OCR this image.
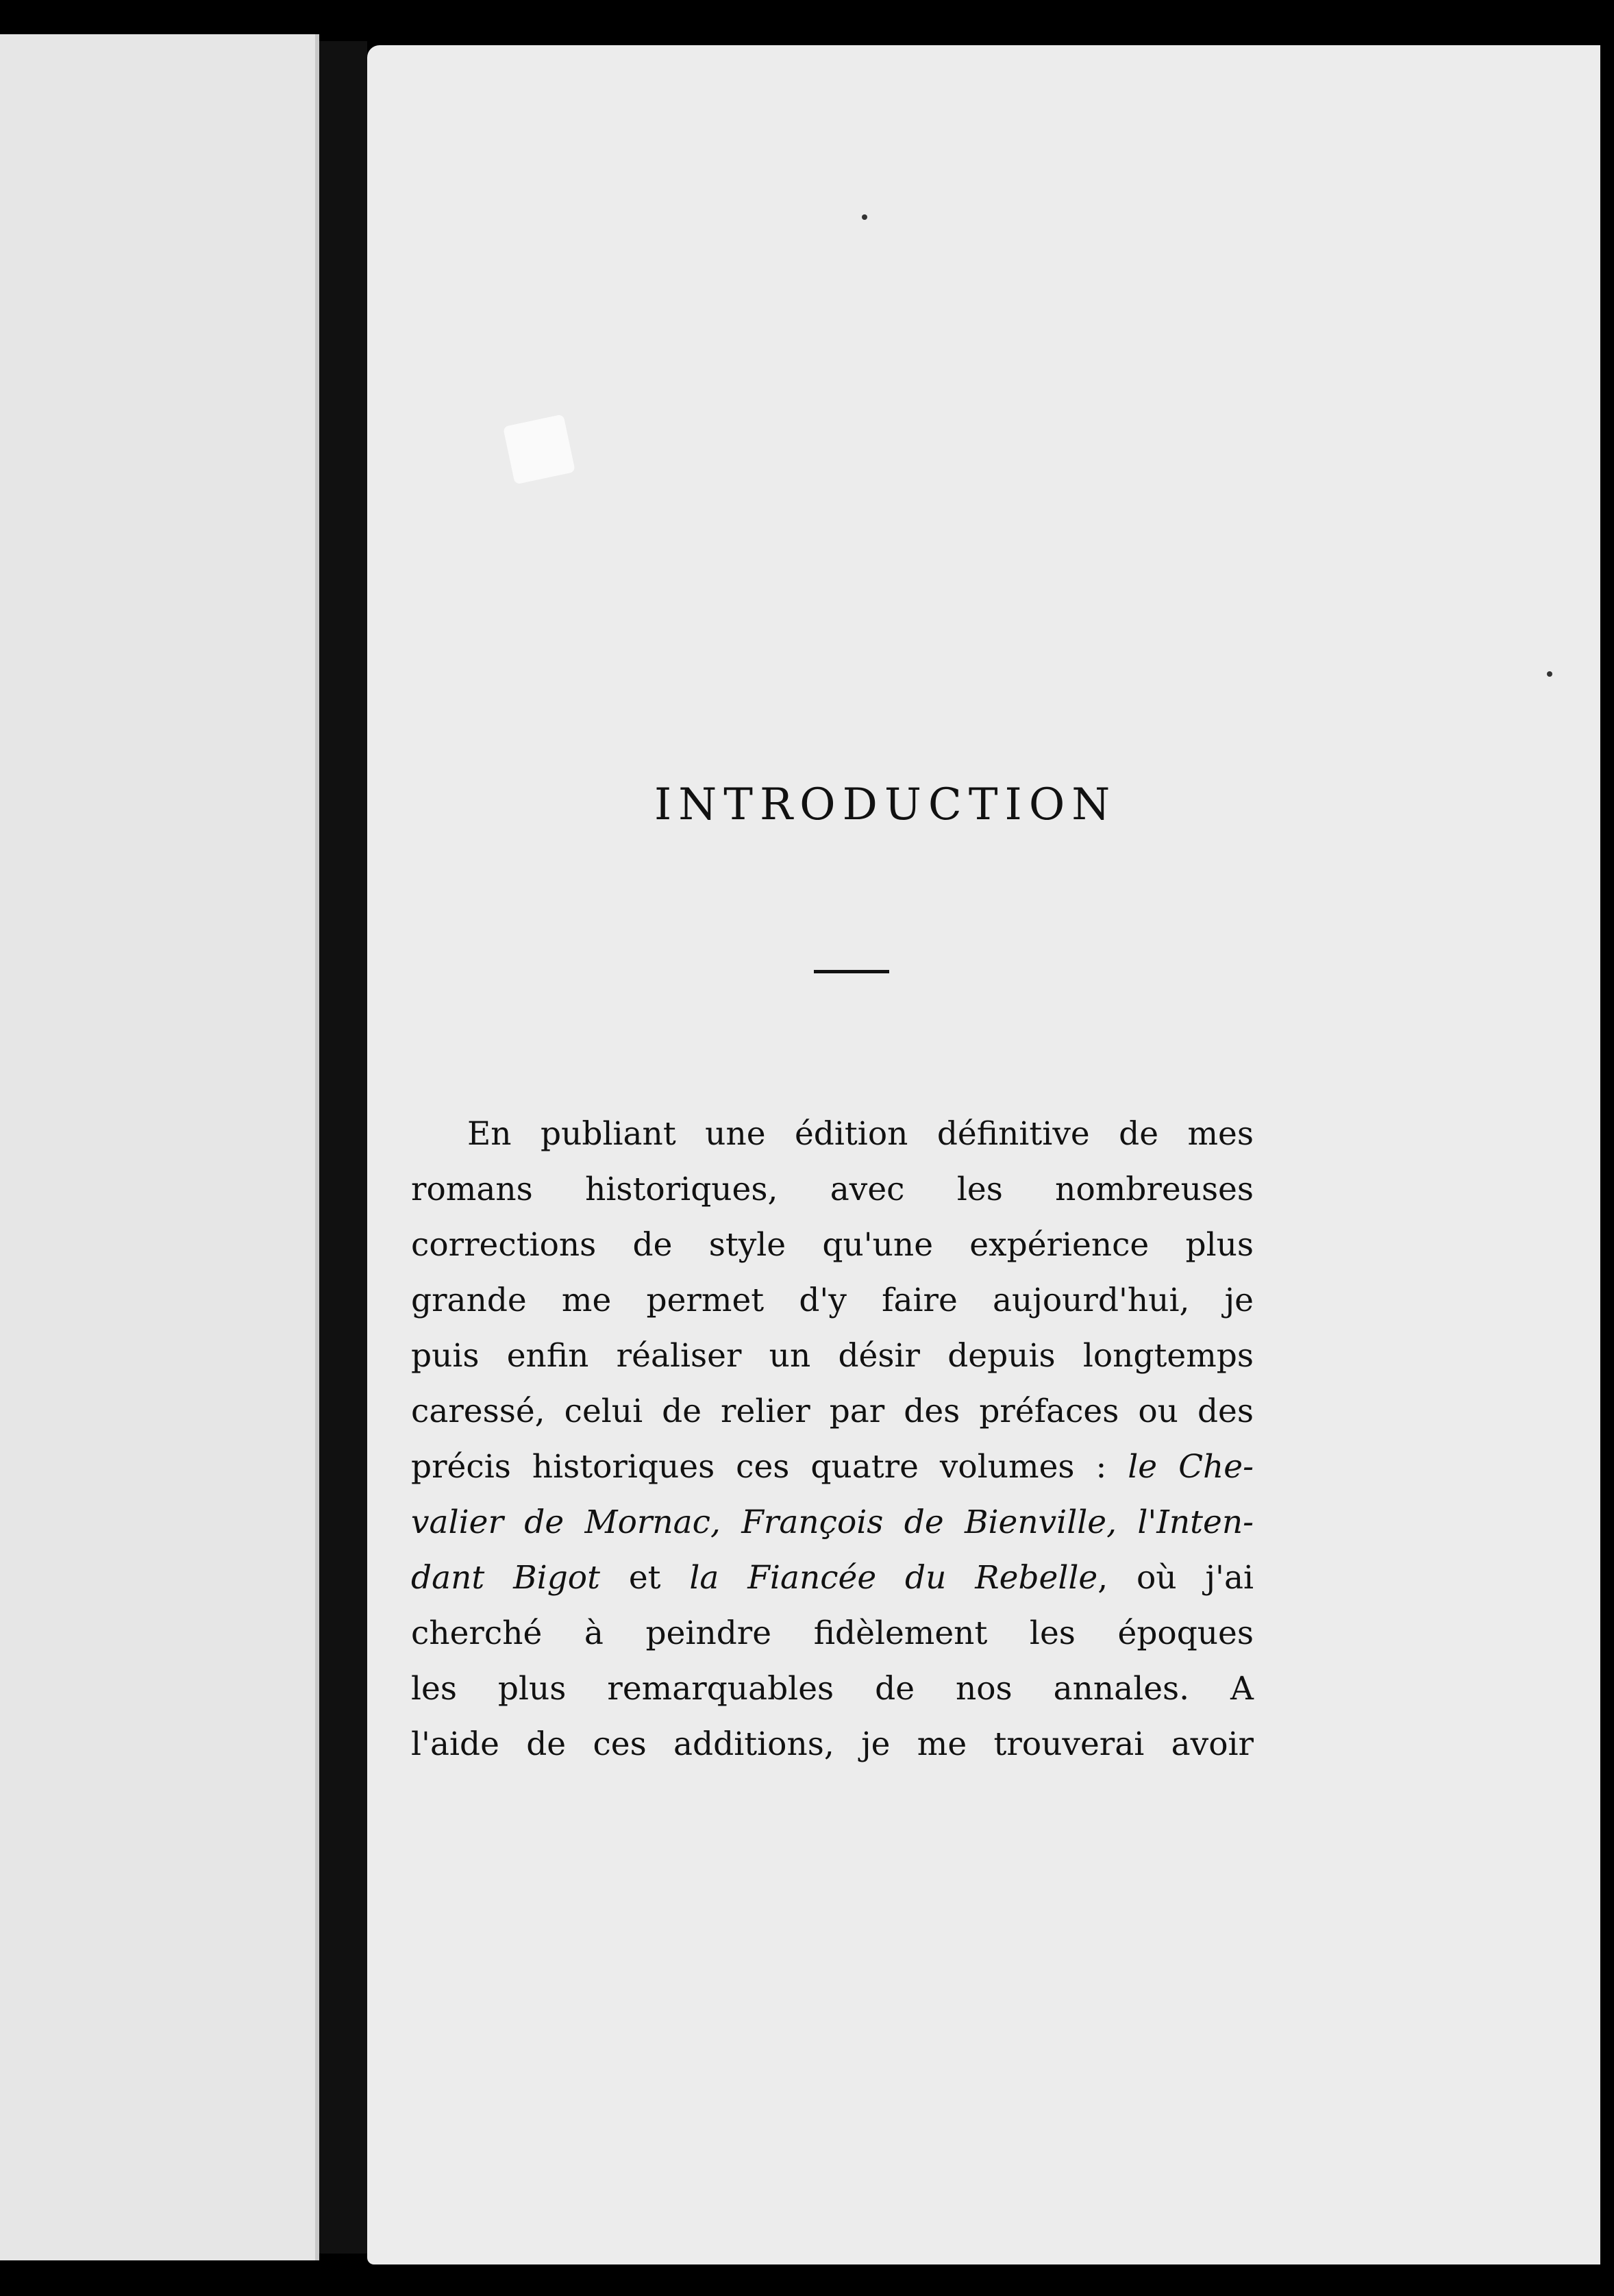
INTRODUCTION
En publiant une édition définitive de mes
romans historiques, avec les nombreuses
corrections de style qu'une expérience plus
grande me permet d'y faire aujourd'hui, je
puis enfin réaliser un désir depuis longtemps
caressé, celui de relier par des préfaces ou des
précis historiques ces quatre volumes : le Che-
valier de Mornac, François de Bienville, l'Inten-
dant Bigot et la Fiancée du Rebelle, où j'ai
cherché à peindre fidèlement les époques
les plus remarquables de nos annales. A
l'aide de ces additions, je me trouverai avoir
